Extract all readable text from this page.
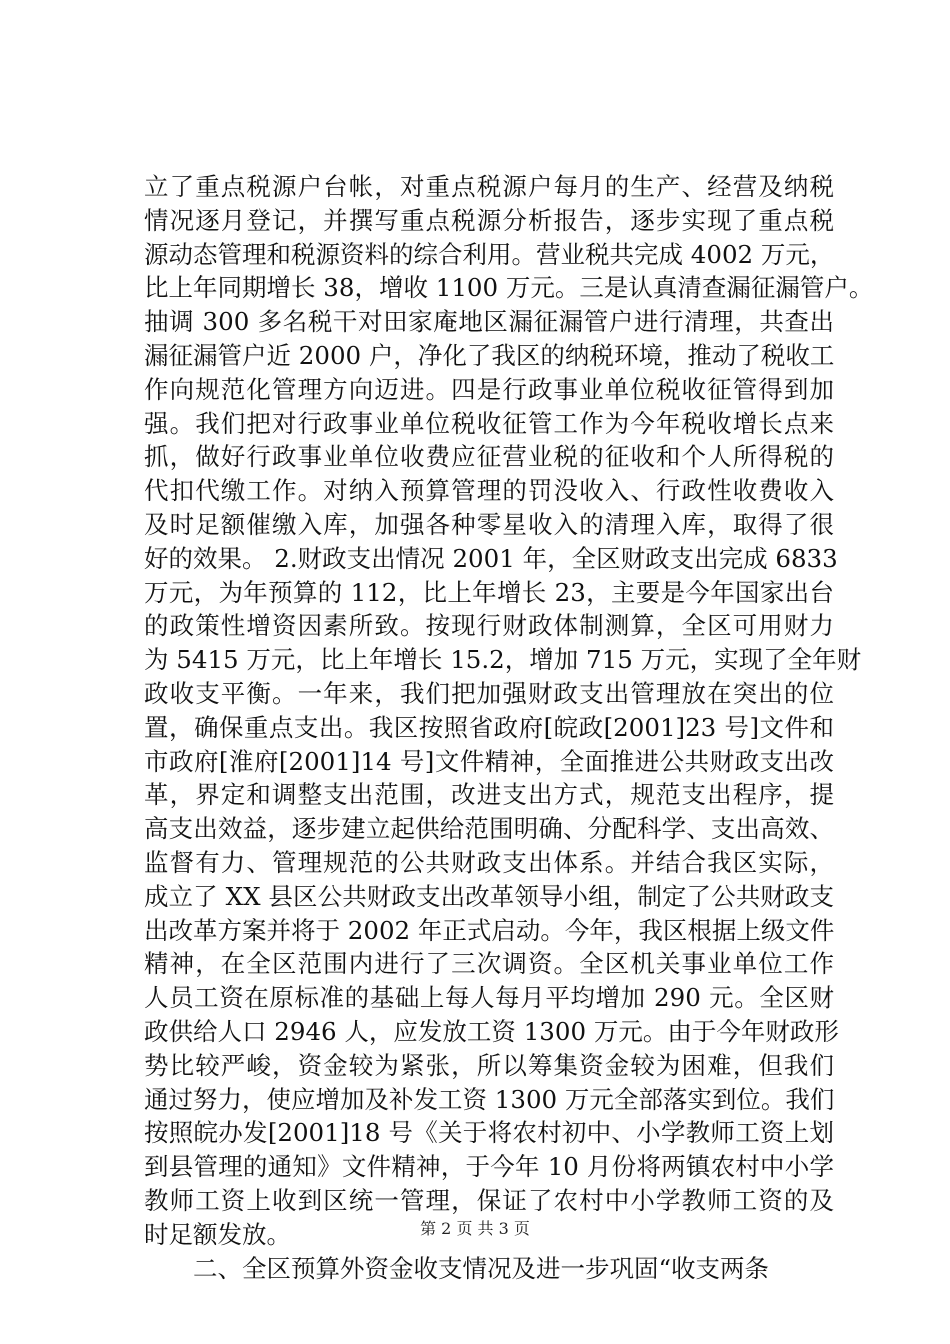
立了重点税源户台帐，对重点税源户每月的生产、经营及纳税
情况逐月登记，并撰写重点税源分析报告，逐步实现了重点税
源动态管理和税源资料的综合利用。营业税共完成 4002 万元，
比上年同期增长 38，增收 1100 万元。三是认真清查漏征漏管户。
抽调 300 多名税干对田家庵地区漏征漏管户进行清理，共查出
漏征漏管户近 2000 户，净化了我区的纳税环境，推动了税收工
作向规范化管理方向迈进。四是行政事业单位税收征管得到加
强。我们把对行政事业单位税收征管工作为今年税收增长点来
抓，做好行政事业单位收费应征营业税的征收和个人所得税的
代扣代缴工作。对纳入预算管理的罚没收入、行政性收费收入
及时足额催缴入库，加强各种零星收入的清理入库，取得了很
好的效果。 2.财政支出情况 2001 年，全区财政支出完成 6833
万元，为年预算的 112，比上年增长 23，主要是今年国家出台
的政策性增资因素所致。按现行财政体制测算，全区可用财力
为 5415 万元，比上年增长 15.2，增加 715 万元，实现了全年财
政收支平衡。一年来，我们把加强财政支出管理放在突出的位
置，确保重点支出。我区按照省政府[皖政[2001]23 号]文件和
市政府[淮府[2001]14 号]文件精神，全面推进公共财政支出改
革，界定和调整支出范围，改进支出方式，规范支出程序，提
高支出效益，逐步建立起供给范围明确、分配科学、支出高效、
监督有力、管理规范的公共财政支出体系。并结合我区实际，
成立了 XX 县区公共财政支出改革领导小组，制定了公共财政支
出改革方案并将于 2002 年正式启动。今年，我区根据上级文件
精神，在全区范围内进行了三次调资。全区机关事业单位工作
人员工资在原标准的基础上每人每月平均增加 290 元。全区财
政供给人口 2946 人，应发放工资 1300 万元。由于今年财政形
势比较严峻，资金较为紧张，所以筹集资金较为困难，但我们
通过努力，使应增加及补发工资 1300 万元全部落实到位。我们
按照皖办发[2001]18 号《关于将农村初中、小学教师工资上划
到县管理的通知》文件精神，于今年 10 月份将两镇农村中小学
教师工资上收到区统一管理，保证了农村中小学教师工资的及
时足额发放。
二、全区预算外资金收支情况及进一步巩固“收支两条
第 2 页 共 3 页
